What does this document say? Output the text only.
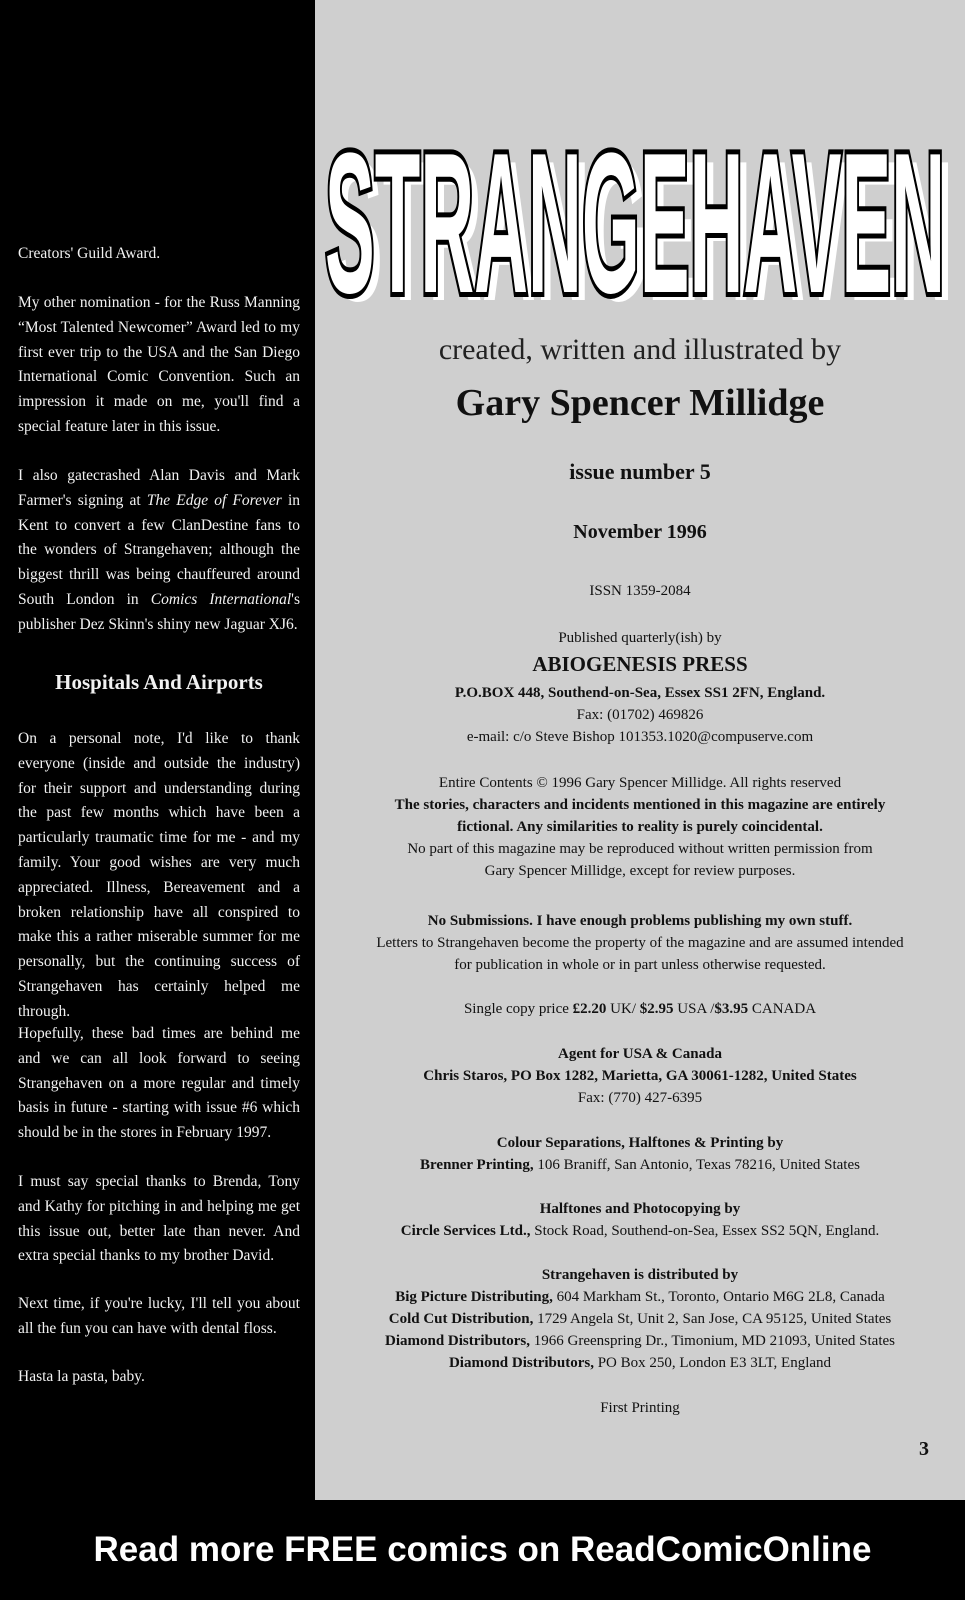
Creators' Guild Award.

My other nomination - for the Russ Manning “Most Talented Newcomer” Award led to my first ever trip to the USA and the San Diego International Comic Convention. Such an impression it made on me, you'll find a special feature later in this issue.

I also gatecrashed Alan Davis and Mark Farmer's signing at The Edge of Forever in Kent to convert a few ClanDestine fans to the wonders of Strangehaven; although the biggest thrill was being chauffeured around South London in Comics International's publisher Dez Skinn's shiny new Jaguar XJ6.

Hospitals And Airports

On a personal note, I'd like to thank everyone (inside and outside the industry) for their support and understanding during the past few months which have been a particularly traumatic time for me - and my family. Your good wishes are very much appreciated. Illness, Bereavement and a broken relationship have all conspired to make this a rather miserable summer for me personally, but the continuing success of Strangehaven has certainly helped me through.

Hopefully, these bad times are behind me and we can all look forward to seeing Strangehaven on a more regular and timely basis in future - starting with issue #6 which should be in the stores in February 1997.

I must say special thanks to Brenda, Tony and Kathy for pitching in and helping me get this issue out, better late than never. And extra special thanks to my brother David.

Next time, if you're lucky, I'll tell you about all the fun you can have with dental floss.

Hasta la pasta, baby.

STRANGEHAVEN
STRANGEHAVEN

created, written and illustrated by

Gary Spencer Millidge

issue number 5

November 1996

ISSN 1359-2084

Published quarterly(ish) by

ABIOGENESIS PRESS

P.O.BOX 448, Southend-on-Sea, Essex SS1 2FN, England.

Fax: (01702) 469826

e-mail: c/o Steve Bishop 101353.1020@compuserve.com

Entire Contents © 1996 Gary Spencer Millidge. All rights reserved

The stories, characters and incidents mentioned in this magazine are entirely

fictional. Any similarities to reality is purely coincidental.

No part of this magazine may be reproduced without written permission from

Gary Spencer Millidge, except for review purposes.

No Submissions. I have enough problems publishing my own stuff.

Letters to Strangehaven become the property of the magazine and are assumed intended

for publication in whole or in part unless otherwise requested.

Single copy price £2.20 UK/ $2.95 USA /$3.95 CANADA

Agent for USA & Canada

Chris Staros, PO Box 1282, Marietta, GA 30061-1282, United States

Fax: (770) 427-6395

Colour Separations, Halftones & Printing by

Brenner Printing, 106 Braniff, San Antonio, Texas 78216, United States

Halftones and Photocopying by

Circle Services Ltd., Stock Road, Southend-on-Sea, Essex SS2 5QN, England.

Strangehaven is distributed by

Big Picture Distributing, 604 Markham St., Toronto, Ontario M6G 2L8, Canada

Cold Cut Distribution, 1729 Angela St, Unit 2, San Jose, CA 95125, United States

Diamond Distributors, 1966 Greenspring Dr., Timonium, MD 21093, United States

Diamond Distributors, PO Box 250, London E3 3LT, England

First Printing

3
Read more FREE comics on ReadComicOnline
